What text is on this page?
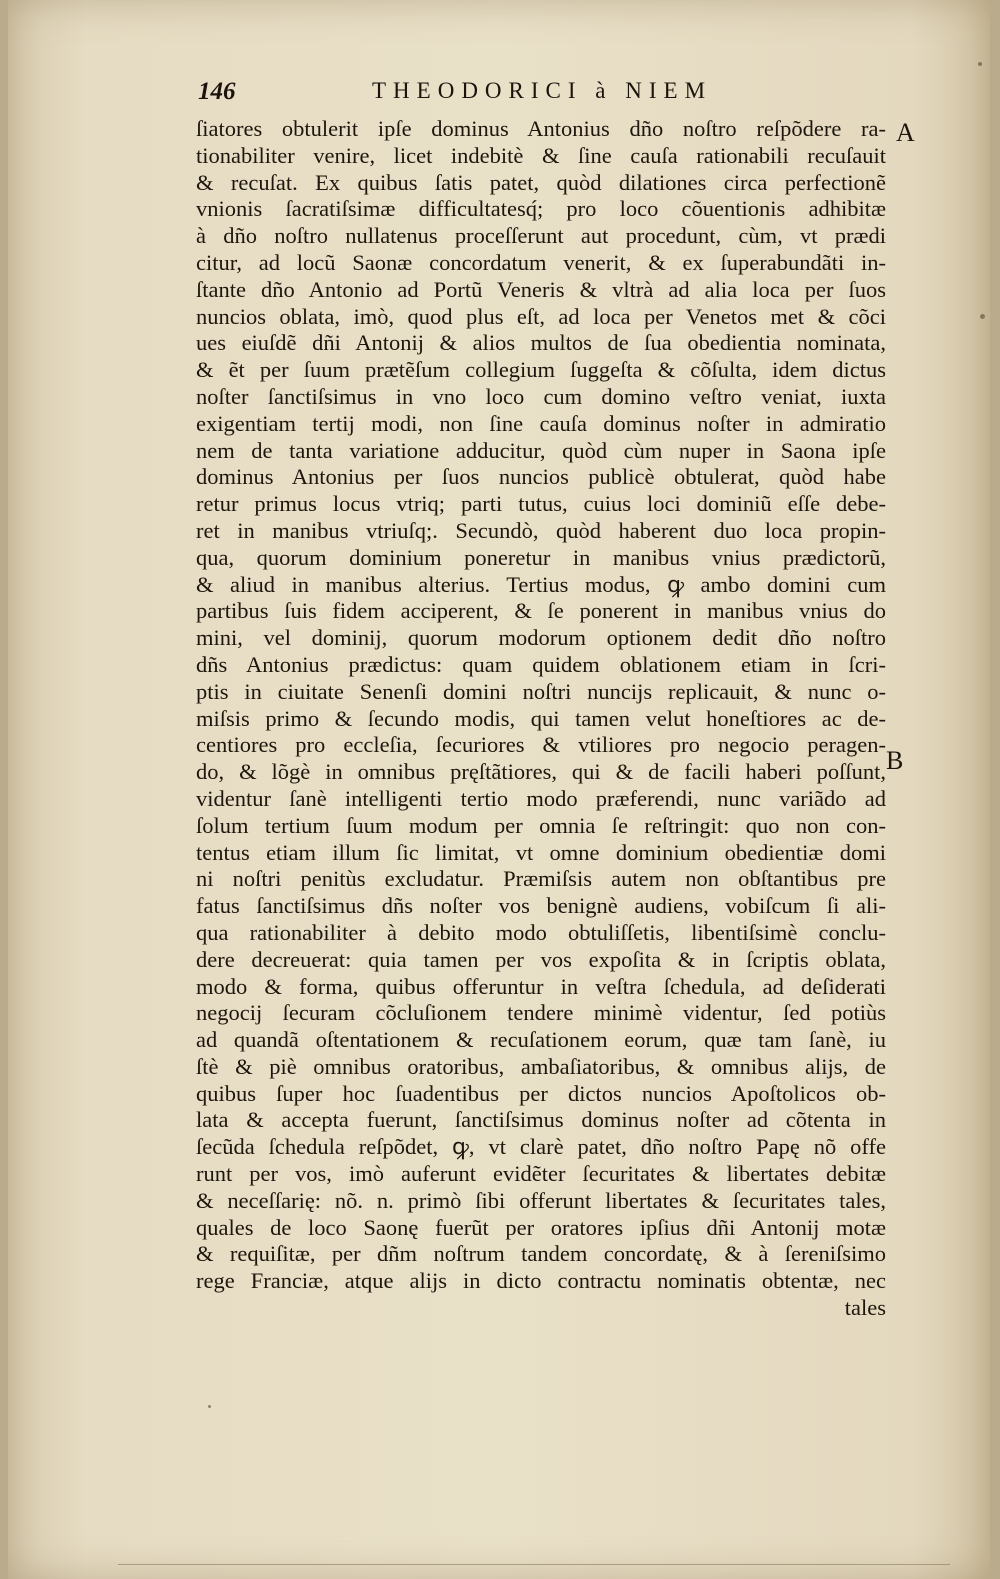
146	THEODORICI à NIEM
A
B
ſiatores obtulerit ipſe dominus Antonius dño noſtro reſpõdere ra-
tionabiliter venire, licet indebitè & ſine cauſa rationabili recuſauit
& recuſat. Ex quibus ſatis patet, quòd dilationes circa perfectionẽ
vnionis ſacratiſsimæ difficultatesq́; pro loco cõuentionis adhibitæ
à dño noſtro nullatenus proceſſerunt aut procedunt, cùm, vt prædi
citur, ad locũ Saonæ concordatum venerit, & ex ſuperabundãti in-
ſtante dño Antonio ad Portũ Veneris & vltrà ad alia loca per ſuos
nuncios oblata, imò, quod plus eſt, ad loca per Venetos met & cõci
ues eiuſdẽ dñi Antonij & alios multos de ſua obedientia nominata,
& ẽt per ſuum prætẽſum collegium ſuggeſta & cõſulta, idem dictus
noſter ſanctiſsimus in vno loco cum domino veſtro veniat, iuxta
exigentiam tertij modi, non ſine cauſa dominus noſter in admiratio
nem de tanta variatione adducitur, quòd cùm nuper in Saona ipſe
dominus Antonius per ſuos nuncios publicè obtulerat, quòd habe
retur primus locus vtriq; parti tutus, cuius loci dominiũ eſſe debe-
ret in manibus vtriuſq;. Secundò, quòd haberent duo loca propin-
qua, quorum dominium poneretur in manibus vnius prædictorũ,
& aliud in manibus alterius. Tertius modus, ꝙ ambo domini cum
partibus ſuis fidem acciperent, & ſe ponerent in manibus vnius do
mini, vel dominij, quorum modorum optionem dedit dño noſtro
dñs Antonius prædictus: quam quidem oblationem etiam in ſcri-
ptis in ciuitate Senenſi domini noſtri nuncijs replicauit, & nunc o-
miſsis primo & ſecundo modis, qui tamen velut honeſtiores ac de-
centiores pro eccleſia, ſecuriores & vtiliores pro negocio peragen-
do, & lõgè in omnibus pręſtãtiores, qui & de facili haberi poſſunt,
videntur ſanè intelligenti tertio modo præferendi, nunc variãdo ad
ſolum tertium ſuum modum per omnia ſe reſtringit: quo non con-
tentus etiam illum ſic limitat, vt omne dominium obedientiæ domi
ni noſtri penitùs excludatur. Præmiſsis autem non obſtantibus pre
fatus ſanctiſsimus dñs noſter vos benignè audiens, vobiſcum ſi ali-
qua rationabiliter à debito modo obtuliſſetis, libentiſsimè conclu-
dere decreuerat: quia tamen per vos expoſita & in ſcriptis oblata,
modo & forma, quibus offeruntur in veſtra ſchedula, ad deſiderati
negocij ſecuram cõcluſionem tendere minimè videntur, ſed potiùs
ad quandã oſtentationem & recuſationem eorum, quæ tam ſanè, iu
ſtè & piè omnibus oratoribus, ambaſiatoribus, & omnibus alijs, de
quibus ſuper hoc ſuadentibus per dictos nuncios Apoſtolicos ob-
lata & accepta fuerunt, ſanctiſsimus dominus noſter ad cõtenta in
ſecũda ſchedula reſpõdet, ꝙ, vt clarè patet, dño noſtro Papę nõ offe
runt per vos, imò auferunt evidẽter ſecuritates & libertates debitæ
& neceſſarię: nõ. n. primò ſibi offerunt libertates & ſecuritates tales,
quales de loco Saonę fuerũt per oratores ipſius dñi Antonij motæ
& requiſitæ, per dñm noſtrum tandem concordatę, & à ſereniſsimo
rege Franciæ, atque alijs in dicto contractu nominatis obtentæ, nec
tales
